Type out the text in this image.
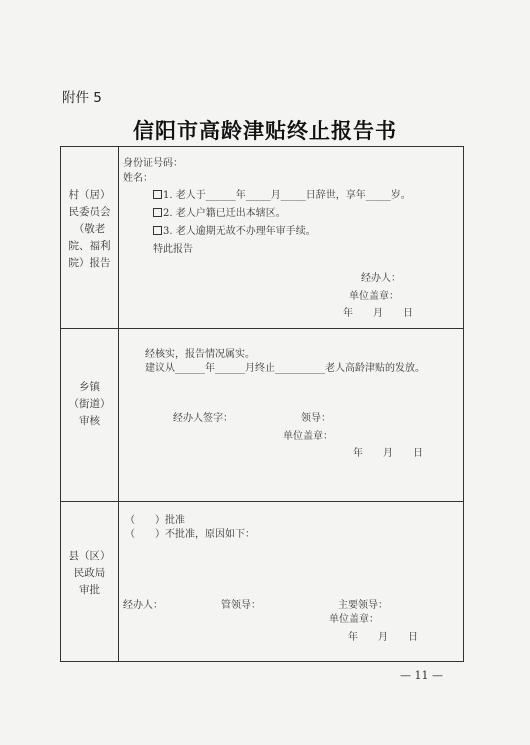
附件 5
信阳市高龄津贴终止报告书
村（居）
民委员会
（敬老
院、福利
院）报告
身份证号码：
姓名：
1. 老人于______年_____月_____日辞世，享年_____岁。
2. 老人户籍已迁出本辖区。
3. 老人逾期无故不办理年审手续。
特此报告
经办人：
单位盖章：
年　　月　　日
乡镇
（街道）
审核
经核实，报告情况属实。
建议从______年______月终止__________老人高龄津贴的发放。
经办人签字：	领导：
单位盖章：
年　　月　　日
县（区）
民政局
审批
（　　）批准
（　　）不批准，原因如下：
经办人：	管领导：	主要领导：
单位盖章：
年　　月　　日
— 11 —
